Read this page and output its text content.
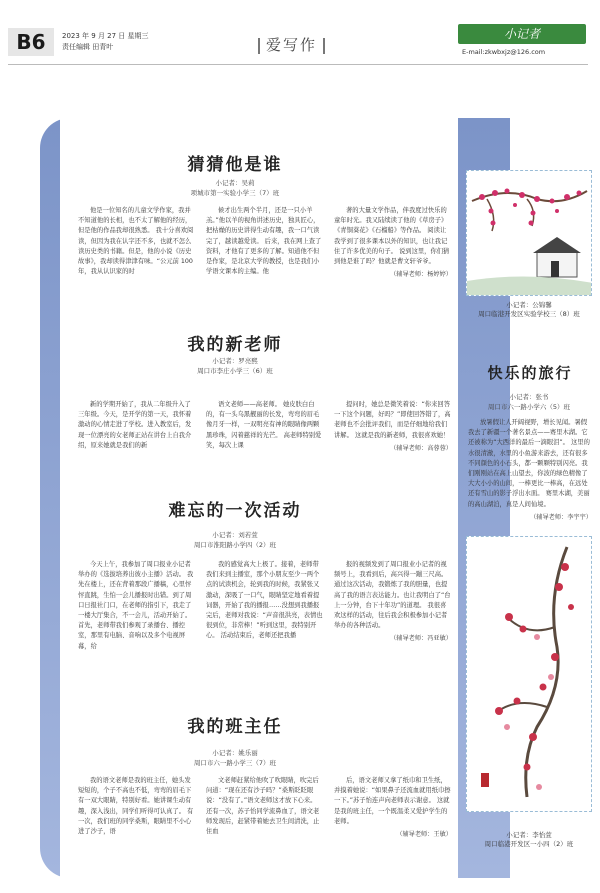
B6	2023 年 9 月 27 日 星期三
责任编辑 田青叶	爱写作
小记者
E-mail:zkwbxjz@126.com
猜猜他是谁
小记者：吴莉
项城市第一实验小学三（7）班
他是一位知名的儿童文学作家，我并不知道他的长相，也不太了解他的经历，但是他的作品我却很熟悉。 我十分喜欢阅读，但因为我在认字还不多，也就不怎么读历史类的书籍。但是，他的小说《历史故事》，我却读得津津有味。“公元前 100 年，我从认识家的时
候才出生两个半月，还是一只小羊羔。”他以羊的视角讲述历史，独具匠心，把枯燥的历史讲得生动有趣，我一口气读完了，越读越爱读。 后来，我在网上查了资料，才他有了更多的了解。知道他不但是作家，是北京大学的教授，也是我们小学语文课本的主编。他
著的大量文学作品，伴我度过快乐的童年时光。我又陆续读了他的《草房子》《青铜葵花》《石榴船》等作品。 阅读让我学到了很多课本以外的知识，也让我记住了许多优美的句子。 说到这里，你们猜到他是谁了吗？他就是曹文轩爷爷。
（辅导老师：杨婷婷）
我的新老师
小记者：罗亮熙
周口市李庄小学三（6）班
新的学期开始了，我从二年级升入了三年级。今天，是开学的第一天，我怀着激动的心情走进了学校。进入教室后，发现一位漂亮的女老师正站在讲台上自我介绍，原来她就是我们的新
语文老师——高老师。 她皮肤白白的，有一头乌黑靓丽的长发，弯弯的眉毛像月牙一样，一双明亮有神的眼睛像两颗黑珍珠，闪着慈祥的光芒。 高老师特别爱笑，每次上课
提问时，她总是微笑着说：“你来回答一下这个问题，好吗？”即使回答错了，高老师也不会批评我们，而是仔细地给我们讲解。 这就是我的新老师，我很喜欢她！
（辅导老师：高蓉蓉）
难忘的一次活动
小记者：刘若萱
周口市淮阳路小学四（2）班
今天上午，我参加了周口报业小记者举办的《选拔培养出彼小主播》活动。 我先在楼上，还在背着那段广播稿，心里怦怦直跳，生怕一会儿播报时出错。到了周口日报社门口，在老师的指引下，我走了一楼大厅集合，不一会儿，活动开始了。首先，老师带我们参观了录播台、播控室，那里有电脑、音响以及多个电视屏幕，给
我的感觉高大上极了。接着，老师带我们来到主播室，那个小朋友至少一两个点的试读机会，轮到我的时候，我紧张又激动，深吸了一口气，眼睛坚定地看着提词器，开始了我的播报……没想到我播报完后，老师对我说：“声音很洪亮，表情也很到位，非常棒！”听到这里，我特别开心。 活动结束后，老师还把我播
报的视频发到了周口报业小记者的视频号上，我看到后，高兴得一蹦三尺高。 通过这次活动，我锻炼了我的胆量，也提高了我的语言表达能力。也让我明白了“台上一分钟，台下十年功”的道理。 我很喜欢这样的活动，往后我会积极参加小记者举办的各种活动。
（辅导老师：冯亚敏）
我的班主任
小记者：姚乐丽
周口市六一路小学三（7）班
我的语文老师是我的班主任，她头发短短的，个子不高也不低，弯弯的眉毛下有一双大眼睛，特别好看。她讲课生动有趣，深入浅出，同学们听得可认真了。 有一次，我们班的同学桑斯，眼睛里不小心进了沙子，语
文老师赶紧给他吹了吹眼睛，吹完后问道：“现在还有沙子吗？”桑斯眨眨眼说：“没有了。”语文老师这才放下心来。 还有一次，苏子怡同学流鼻血了，语文老师发现后，赶紧带着她去卫生间清洗，止住血
后，语文老师又拿了纸巾和卫生纸，并摸着她说：“如果鼻子还流血就用纸巾擦一下。”苏子怡连声向老师表示谢意。 这就是我的班主任，一个既温柔又爱护学生的老师。
（辅导老师：王敏）
小记者：公锦馨
周口临港开发区实验学校三（8）班
快乐的旅行
小记者：张书
周口市六一路小学六（5）班
放暑假让人开阔视野，增长见闻。暑假我去了新疆一个著名景点——赛里木湖。它还被称为“大西洋的最后一滴眼泪”。 这里的水很清澈，水里的小鱼游来游去，还有很多不同颜色的小石头，都一颗颗特别闪亮。我们刚刚站在高上山望去，你波的绿色精像了大大小小的山间，一棒更比一棒高，在远处还有雪山的影子浮出水面。 赛里木湖，美丽的高山湖泊，真是人间仙境。
（辅导老师：李宇宇）
小记者：李怡萱
周口临港开发区一小四（2）班
